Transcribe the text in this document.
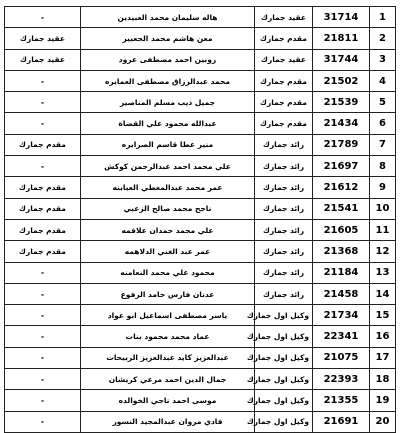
1	31714	عقيد جمارك	هاله سليمان محمد العبيدين	-
2	21811	مقدم جمارك	معن هاشم محمد الجعبير	عقيد جمارك
3	31744	عقيد جمارك	روبين احمد مصطفى عرود	عقيد جمارك
4	21502	مقدم جمارك	محمد عبدالرزاق مصطفى العمايره	-
5	21539	مقدم جمارك	جميل ذيب مسلم المناصير	-
6	21434	مقدم جمارك	عبدالله محمود علي القضاة	-
7	21789	رائد جمارك	منير عطا قاسم الصرايره	مقدم جمارك
8	21697	رائد جمارك	علي محمد احمد عبدالرحمن كوكش	-
9	21612	رائد جمارك	عمر محمد عبدالمعطي العبابنه	مقدم جمارك
10	21541	رائد جمارك	ناجح محمد صالح الزعبي	مقدم جمارك
11	21605	رائد جمارك	علي محمد حمدان علاقمه	مقدم جمارك
12	21368	رائد جمارك	عمر عبد الغني الدلاهمه	مقدم جمارك
13	21184	رائد جمارك	محمود علي محمد النعامنه	-
14	21458	رائد جمارك	عدنان فارس حامد الرفوع	-
15	21734	وكيل اول جمارك	ياسر مصطفى اسماعيل ابو عواد	-
16	22341	وكيل اول جمارك	عماد محمد محمود بنات	-
17	21075	وكيل اول جمارك	عبدالعزيز كايد عبدالعزيز الربيحات	-
18	22393	وكيل اول جمارك	جمال الدين احمد مرعي كريشان	-
19	21355	وكيل اول جمارك	موسى احمد ناجي الخوالده	-
20	21691	وكيل اول جمارك	فادي مروان عبدالمجيد النسور	-
